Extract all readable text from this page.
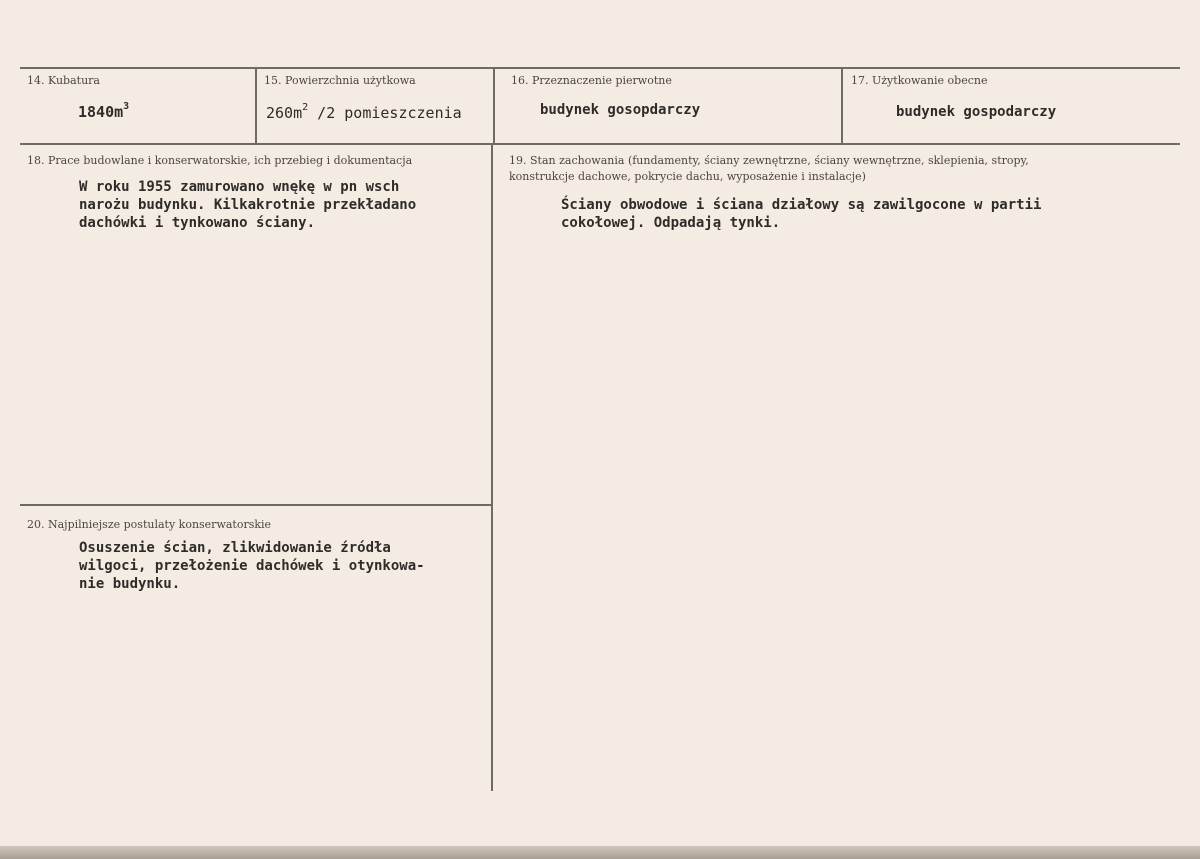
14. Kubatura
$1840m^3$
15. Powierzchnia użytkowa
$260m^2$ /2 pomieszczenia
16. Przeznaczenie pierwotne
budynek gosopdarczy
17. Użytkowanie obecne
budynek gospodarczy
18. Prace budowlane i konserwatorskie, ich przebieg i dokumentacja
W roku 1955 zamurowano wnękę w pn wsch
narożu budynku. Kilkakrotnie przekładano
dachówki i tynkowano ściany.
19. Stan zachowania (fundamenty, ściany zewnętrzne, ściany wewnętrzne, sklepienia, stropy,
konstrukcje dachowe, pokrycie dachu, wyposażenie i instalacje)
Ściany obwodowe i ściana działowy są zawilgocone w partii
cokołowej. Odpadają tynki.
20. Najpilniejsze postulaty konserwatorskie
Osuszenie ścian, zlikwidowanie źródła
wilgoci, przełożenie dachówek i otynkowa-
nie budynku.
